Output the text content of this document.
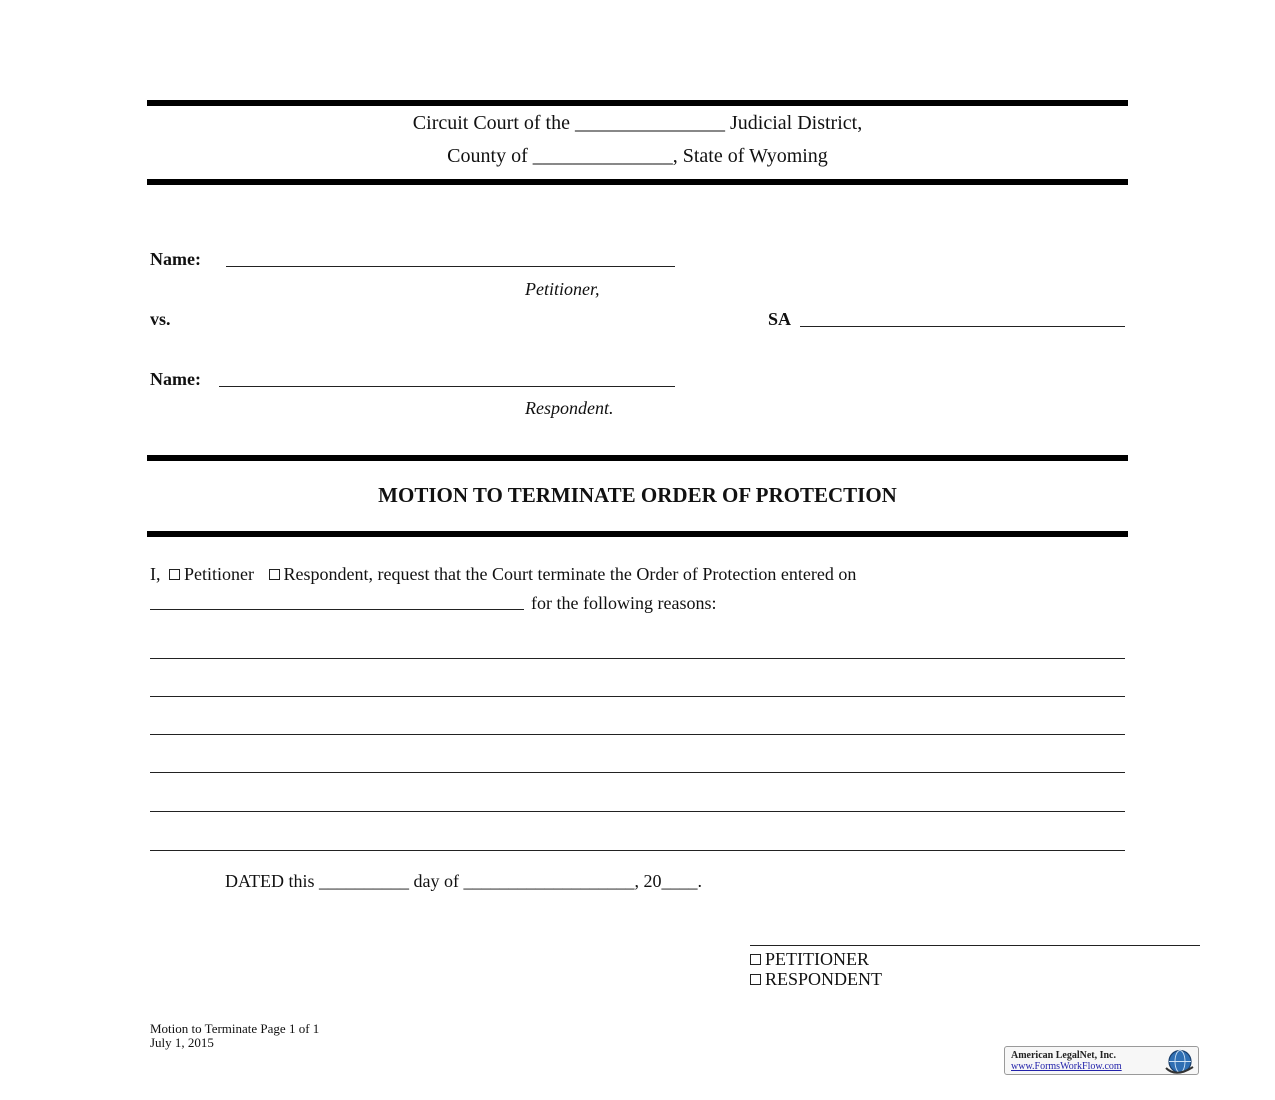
Circuit Court of the _______________ Judicial District,
County of ______________, State of Wyoming
Name:
Petitioner,
vs.	SA
Name:
Respondent.
MOTION TO TERMINATE ORDER OF PROTECTION
I, Petitioner Respondent, request that the Court terminate the Order of Protection entered on
for the following reasons:
DATED this __________ day of ___________________, 20____.
PETITIONER
RESPONDENT
Motion to Terminate Page 1 of 1
July 1, 2015
American LegalNet, Inc.
www.FormsWorkFlow.com
